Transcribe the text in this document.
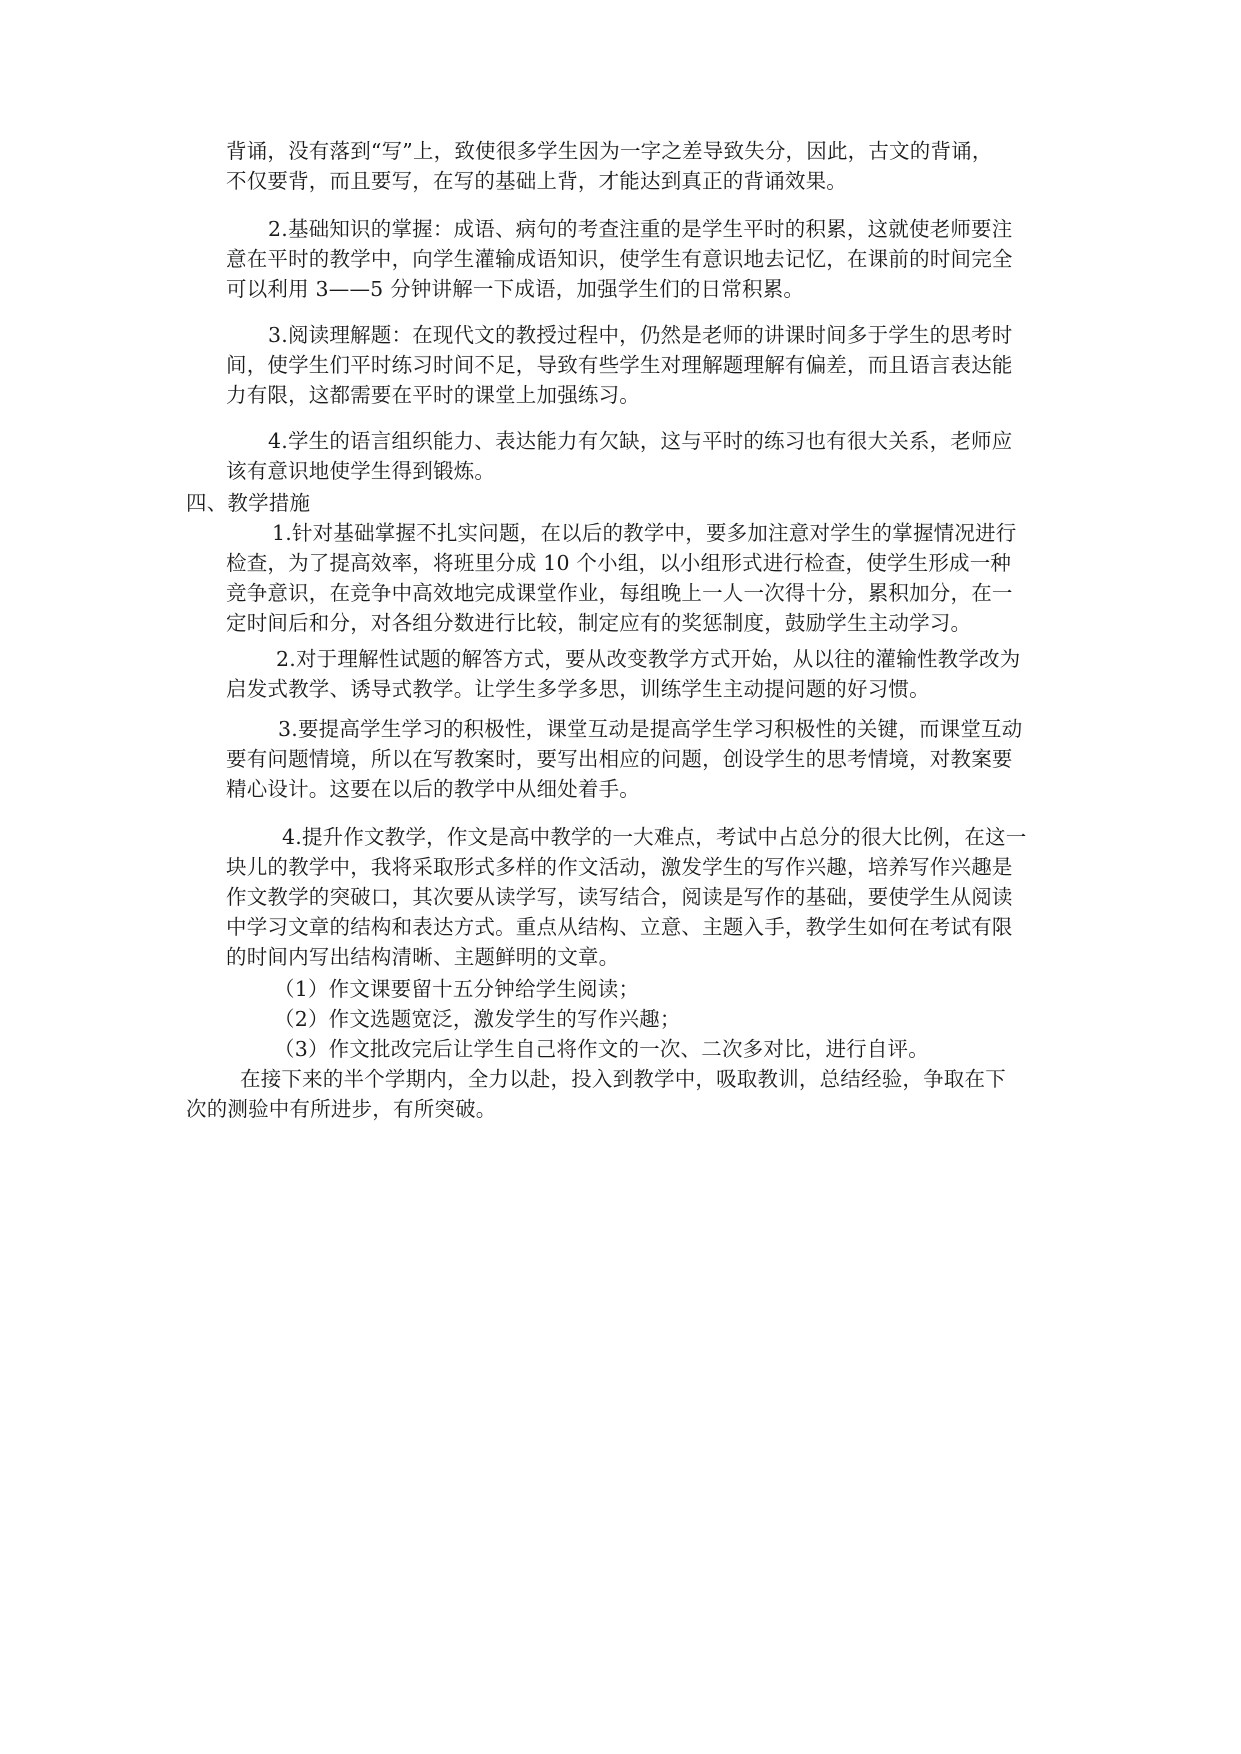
背诵，没有落到“写”上，致使很多学生因为一字之差导致失分，因此，古文的背诵，
不仅要背，而且要写，在写的基础上背，才能达到真正的背诵效果。
2.基础知识的掌握：成语、病句的考查注重的是学生平时的积累，这就使老师要注
意在平时的教学中，向学生灌输成语知识，使学生有意识地去记忆，在课前的时间完全
可以利用 3——5 分钟讲解一下成语，加强学生们的日常积累。
3.阅读理解题：在现代文的教授过程中，仍然是老师的讲课时间多于学生的思考时
间，使学生们平时练习时间不足，导致有些学生对理解题理解有偏差，而且语言表达能
力有限，这都需要在平时的课堂上加强练习。
4.学生的语言组织能力、表达能力有欠缺，这与平时的练习也有很大关系，老师应
该有意识地使学生得到锻炼。
四、教学措施
1.针对基础掌握不扎实问题，在以后的教学中，要多加注意对学生的掌握情况进行
检查，为了提高效率，将班里分成 10 个小组，以小组形式进行检查，使学生形成一种
竞争意识，在竞争中高效地完成课堂作业，每组晚上一人一次得十分，累积加分，在一
定时间后和分，对各组分数进行比较，制定应有的奖惩制度，鼓励学生主动学习。
2.对于理解性试题的解答方式，要从改变教学方式开始，从以往的灌输性教学改为
启发式教学、诱导式教学。让学生多学多思，训练学生主动提问题的好习惯。
3.要提高学生学习的积极性，课堂互动是提高学生学习积极性的关键，而课堂互动
要有问题情境，所以在写教案时，要写出相应的问题，创设学生的思考情境，对教案要
精心设计。这要在以后的教学中从细处着手。
4.提升作文教学，作文是高中教学的一大难点，考试中占总分的很大比例，在这一
块儿的教学中，我将采取形式多样的作文活动，激发学生的写作兴趣，培养写作兴趣是
作文教学的突破口，其次要从读学写，读写结合，阅读是写作的基础，要使学生从阅读
中学习文章的结构和表达方式。重点从结构、立意、主题入手，教学生如何在考试有限
的时间内写出结构清晰、主题鲜明的文章。
（1）作文课要留十五分钟给学生阅读；
（2）作文选题宽泛，激发学生的写作兴趣；
（3）作文批改完后让学生自己将作文的一次、二次多对比，进行自评。
在接下来的半个学期内，全力以赴，投入到教学中，吸取教训，总结经验，争取在下
次的测验中有所进步，有所突破。
